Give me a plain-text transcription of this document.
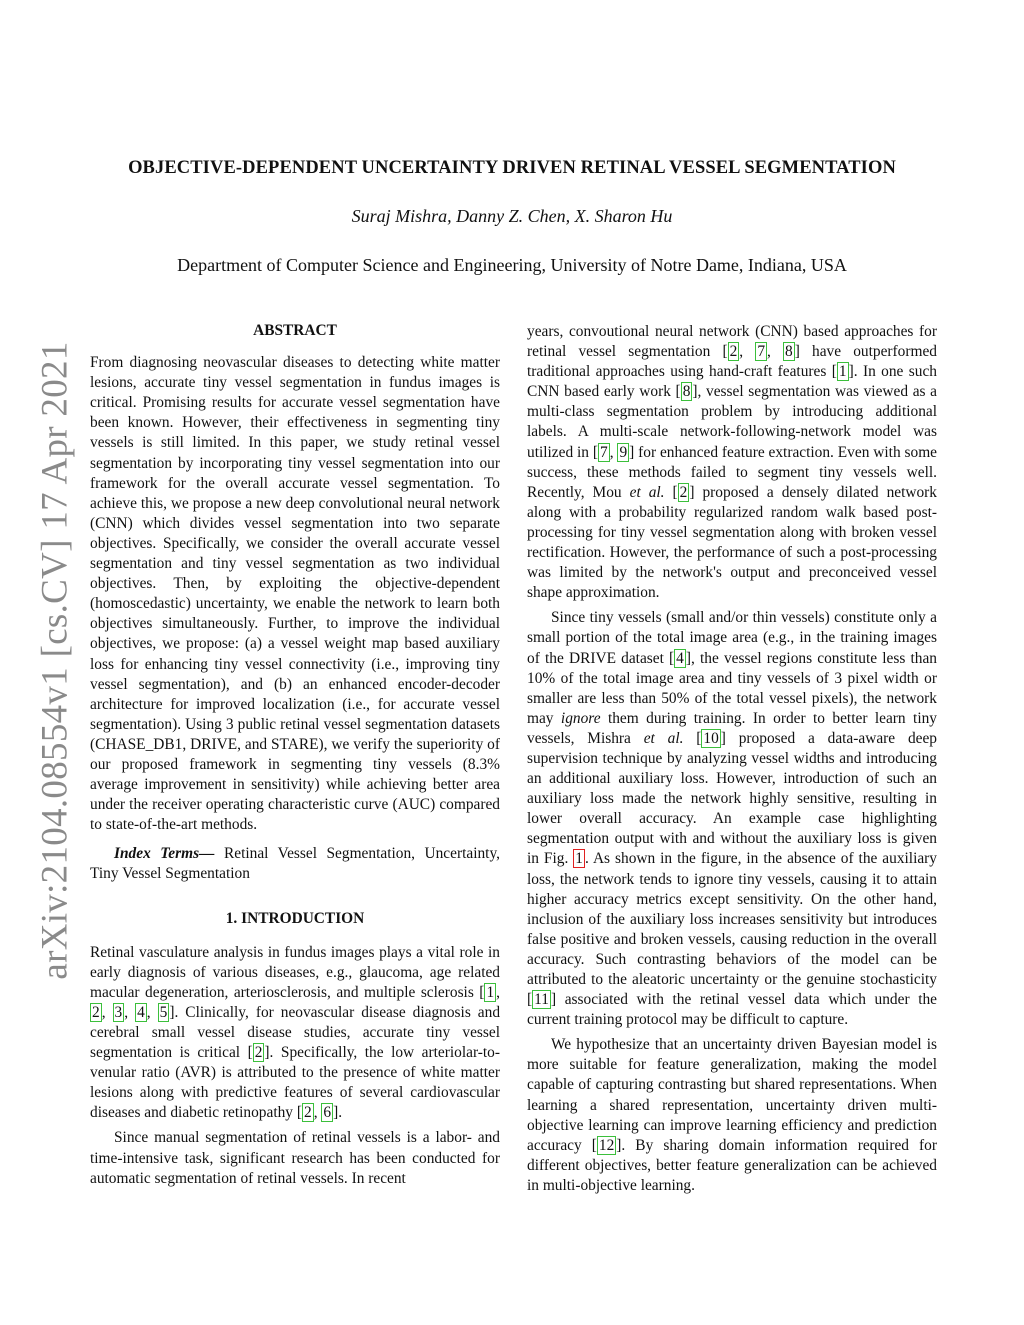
arXiv:2104.08554v1 [cs.CV] 17 Apr 2021
OBJECTIVE-DEPENDENT UNCERTAINTY DRIVEN RETINAL VESSEL SEGMENTATION
Suraj Mishra, Danny Z. Chen, X. Sharon Hu
Department of Computer Science and Engineering, University of Notre Dame, Indiana, USA
ABSTRACT

From diagnosing neovascular diseases to detecting white matter lesions, accurate tiny vessel segmentation in fundus images is critical. Promising results for accurate vessel segmentation have been known. However, their effectiveness in segmenting tiny vessels is still limited. In this paper, we study retinal vessel segmentation by incorporating tiny vessel segmentation into our framework for the overall accurate vessel segmentation. To achieve this, we propose a new deep convolutional neural network (CNN) which divides vessel segmentation into two separate objectives. Specifically, we consider the overall accurate vessel segmentation and tiny vessel segmentation as two individual objectives. Then, by exploiting the objective-dependent (homoscedastic) uncertainty, we enable the network to learn both objectives simultaneously. Further, to improve the individual objectives, we propose: (a) a vessel weight map based auxiliary loss for enhancing tiny vessel connectivity (i.e., improving tiny vessel segmentation), and (b) an enhanced encoder-decoder architecture for improved localization (i.e., for accurate vessel segmentation). Using 3 public retinal vessel segmentation datasets (CHASE_DB1, DRIVE, and STARE), we verify the superiority of our proposed framework in segmenting tiny vessels (8.3% average improvement in sensitivity) while achieving better area under the receiver operating characteristic curve (AUC) compared to state-of-the-art methods.

Index Terms— Retinal Vessel Segmentation, Uncertainty, Tiny Vessel Segmentation

1. INTRODUCTION

Retinal vasculature analysis in fundus images plays a vital role in early diagnosis of various diseases, e.g., glaucoma, age related macular degeneration, arteriosclerosis, and multiple sclerosis [ 1 , 2 , 3 , 4 , 5 ]. Clinically, for neovascular disease diagnosis and cerebral small vessel disease studies, accurate tiny vessel segmentation is critical [ 2 ]. Specifically, the low arteriolar-to-venular ratio (AVR) is attributed to the presence of white matter lesions along with predictive features of several cardiovascular diseases and diabetic retinopathy [ 2 , 6 ].

Since manual segmentation of retinal vessels is a labor- and time-intensive task, significant research has been conducted for automatic segmentation of retinal vessels. In recent

years, convoutional neural network (CNN) based approaches for retinal vessel segmentation [ 2 , 7 , 8 ] have outperformed traditional approaches using hand-craft features [ 1 ]. In one such CNN based early work [ 8 ], vessel segmentation was viewed as a multi-class segmentation problem by introducing additional labels. A multi-scale network-following-network model was utilized in [ 7 , 9 ] for enhanced feature extraction. Even with some success, these methods failed to segment tiny vessels well. Recently, Mou et al. [ 2 ] proposed a densely dilated network along with a probability regularized random walk based post-processing for tiny vessel segmentation along with broken vessel rectification. However, the performance of such a post-processing was limited by the network's output and preconceived vessel shape approximation.

Since tiny vessels (small and/or thin vessels) constitute only a small portion of the total image area (e.g., in the training images of the DRIVE dataset [ 4 ], the vessel regions constitute less than 10% of the total image area and tiny vessels of 3 pixel width or smaller are less than 50% of the total vessel pixels), the network may ignore them during training. In order to better learn tiny vessels, Mishra et al. [ 10 ] proposed a data-aware deep supervision technique by analyzing vessel widths and introducing an additional auxiliary loss. However, introduction of such an auxiliary loss made the network highly sensitive, resulting in lower overall accuracy. An example case highlighting segmentation output with and without the auxiliary loss is given in Fig. 1 . As shown in the figure, in the absence of the auxiliary loss, the network tends to ignore tiny vessels, causing it to attain higher accuracy metrics except sensitivity. On the other hand, inclusion of the auxiliary loss increases sensitivity but introduces false positive and broken vessels, causing reduction in the overall accuracy. Such contrasting behaviors of the model can be attributed to the aleatoric uncertainty or the genuine stochasticity [ 11 ] associated with the retinal vessel data which under the current training protocol may be difficult to capture.

We hypothesize that an uncertainty driven Bayesian model is more suitable for feature generalization, making the model capable of capturing contrasting but shared representations. When learning a shared representation, uncertainty driven multi-objective learning can improve learning efficiency and prediction accuracy [ 12 ]. By sharing domain information required for different objectives, better feature generalization can be achieved in multi-objective learning.
